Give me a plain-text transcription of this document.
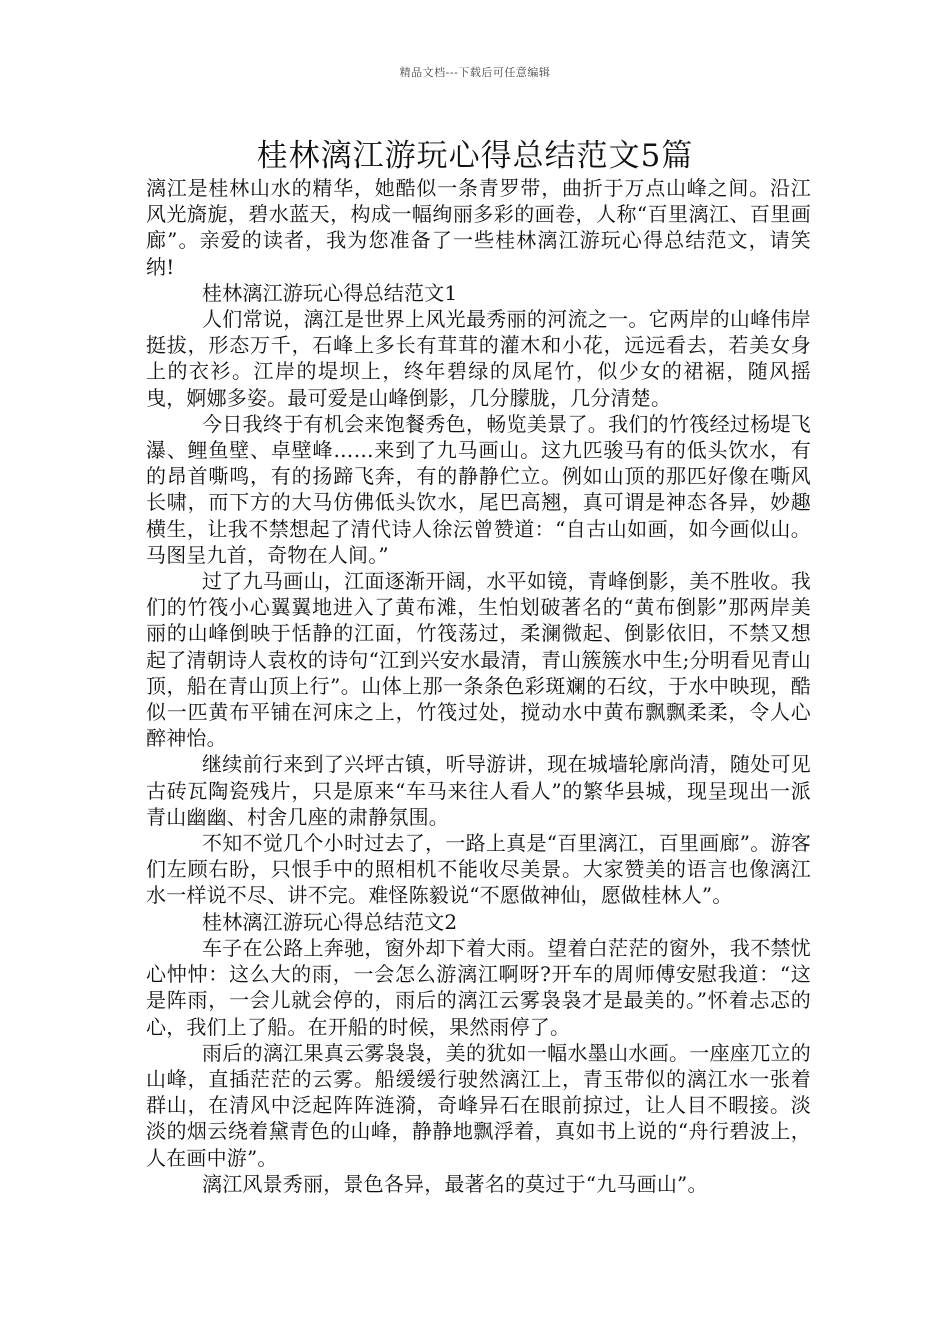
精品文档---下载后可任意编辑
桂林漓江游玩心得总结范文5篇

漓江是桂林山水的精华，她酷似一条青罗带，曲折于万点山峰之间。沿江风光旖旎，碧水蓝天，构成一幅绚丽多彩的画卷，人称“百里漓江、百里画廊”。亲爱的读者，我为您准备了一些桂林漓江游玩心得总结范文，请笑纳!

桂林漓江游玩心得总结范文1

人们常说，漓江是世界上风光最秀丽的河流之一。它两岸的山峰伟岸挺拔，形态万千，石峰上多长有茸茸的灌木和小花，远远看去，若美女身上的衣衫。江岸的堤坝上，终年碧绿的凤尾竹，似少女的裙裾，随风摇曳，婀娜多姿。最可爱是山峰倒影，几分朦胧，几分清楚。

今日我终于有机会来饱餐秀色，畅览美景了。我们的竹筏经过杨堤飞瀑、鲤鱼壁、卓壁峰……来到了九马画山。这九匹骏马有的低头饮水，有的昂首嘶鸣，有的扬蹄飞奔，有的静静伫立。例如山顶的那匹好像在嘶风长啸，而下方的大马仿佛低头饮水，尾巴高翘，真可谓是神态各异，妙趣横生，让我不禁想起了清代诗人徐沄曾赞道：“自古山如画，如今画似山。马图呈九首，奇物在人间。”

过了九马画山，江面逐渐开阔，水平如镜，青峰倒影，美不胜收。我们的竹筏小心翼翼地进入了黄布滩，生怕划破著名的“黄布倒影”那两岸美丽的山峰倒映于恬静的江面，竹筏荡过，柔澜微起、倒影依旧，不禁又想起了清朝诗人袁枚的诗句“江到兴安水最清，青山簇簇水中生;分明看见青山顶，船在青山顶上行”。山体上那一条条色彩斑斓的石纹，于水中映现，酷似一匹黄布平铺在河床之上，竹筏过处，搅动水中黄布飘飘柔柔，令人心醉神怡。

继续前行来到了兴坪古镇，听导游讲，现在城墙轮廓尚清，随处可见古砖瓦陶瓷残片，只是原来“车马来往人看人”的繁华县城，现呈现出一派青山幽幽、村舍几座的肃静氛围。

不知不觉几个小时过去了，一路上真是“百里漓江，百里画廊”。游客们左顾右盼，只恨手中的照相机不能收尽美景。大家赞美的语言也像漓江水一样说不尽、讲不完。难怪陈毅说“不愿做神仙，愿做桂林人”。

桂林漓江游玩心得总结范文2

车子在公路上奔驰，窗外却下着大雨。望着白茫茫的窗外，我不禁忧心忡忡：这么大的雨，一会怎么游漓江啊呀?开车的周师傅安慰我道：“这是阵雨，一会儿就会停的，雨后的漓江云雾袅袅才是最美的。”怀着忐忑的心，我们上了船。在开船的时候，果然雨停了。

雨后的漓江果真云雾袅袅，美的犹如一幅水墨山水画。一座座兀立的山峰，直插茫茫的云雾。船缓缓行驶然漓江上，青玉带似的漓江水一张着群山，在清风中泛起阵阵涟漪，奇峰异石在眼前掠过，让人目不暇接。淡淡的烟云绕着黛青色的山峰，静静地飘浮着，真如书上说的“舟行碧波上，人在画中游”。

漓江风景秀丽，景色各异，最著名的莫过于“九马画山”。
